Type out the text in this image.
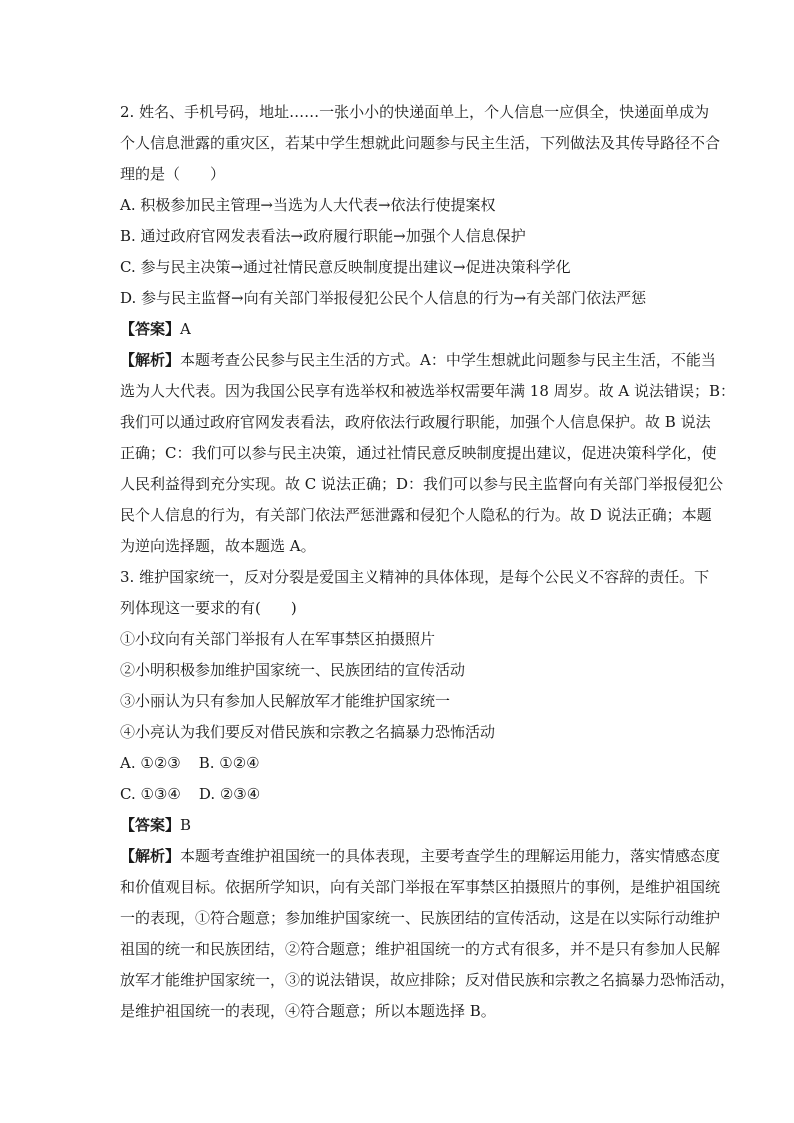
2. 姓名、手机号码，地址……一张小小的快递面单上，个人信息一应俱全，快递面单成为
个人信息泄露的重灾区，若某中学生想就此问题参与民主生活，下列做法及其传导路径不合
理的是（　　）
A. 积极参加民主管理→当选为人大代表→依法行使提案权
B. 通过政府官网发表看法→政府履行职能→加强个人信息保护
C. 参与民主决策→通过社情民意反映制度提出建议→促进决策科学化
D. 参与民主监督→向有关部门举报侵犯公民个人信息的行为→有关部门依法严惩
【答案】A
【解析】本题考查公民参与民主生活的方式。A：中学生想就此问题参与民主生活，不能当
选为人大代表。因为我国公民享有选举权和被选举权需要年满 18 周岁。故 A 说法错误；B：
我们可以通过政府官网发表看法，政府依法行政履行职能，加强个人信息保护。故 B 说法
正确；C：我们可以参与民主决策，通过社情民意反映制度提出建议，促进决策科学化，使
人民利益得到充分实现。故 C 说法正确；D：我们可以参与民主监督向有关部门举报侵犯公
民个人信息的行为，有关部门依法严惩泄露和侵犯个人隐私的行为。故 D 说法正确；本题
为逆向选择题，故本题选 A。
3. 维护国家统一，反对分裂是爱国主义精神的具体体现，是每个公民义不容辞的责任。下
列体现这一要求的有(　　)
①小玟向有关部门举报有人在军事禁区拍摄照片
②小明积极参加维护国家统一、民族团结的宣传活动
③小丽认为只有参加人民解放军才能维护国家统一
④小亮认为我们要反对借民族和宗教之名搞暴力恐怖活动
A. ①②③ B. ①②④
C. ①③④ D. ②③④
【答案】B
【解析】本题考查维护祖国统一的具体表现，主要考查学生的理解运用能力，落实情感态度
和价值观目标。依据所学知识，向有关部门举报在军事禁区拍摄照片的事例，是维护祖国统
一的表现，①符合题意；参加维护国家统一、民族团结的宣传活动，这是在以实际行动维护
祖国的统一和民族团结，②符合题意；维护祖国统一的方式有很多，并不是只有参加人民解
放军才能维护国家统一，③的说法错误，故应排除；反对借民族和宗教之名搞暴力恐怖活动，
是维护祖国统一的表现，④符合题意；所以本题选择 B。
